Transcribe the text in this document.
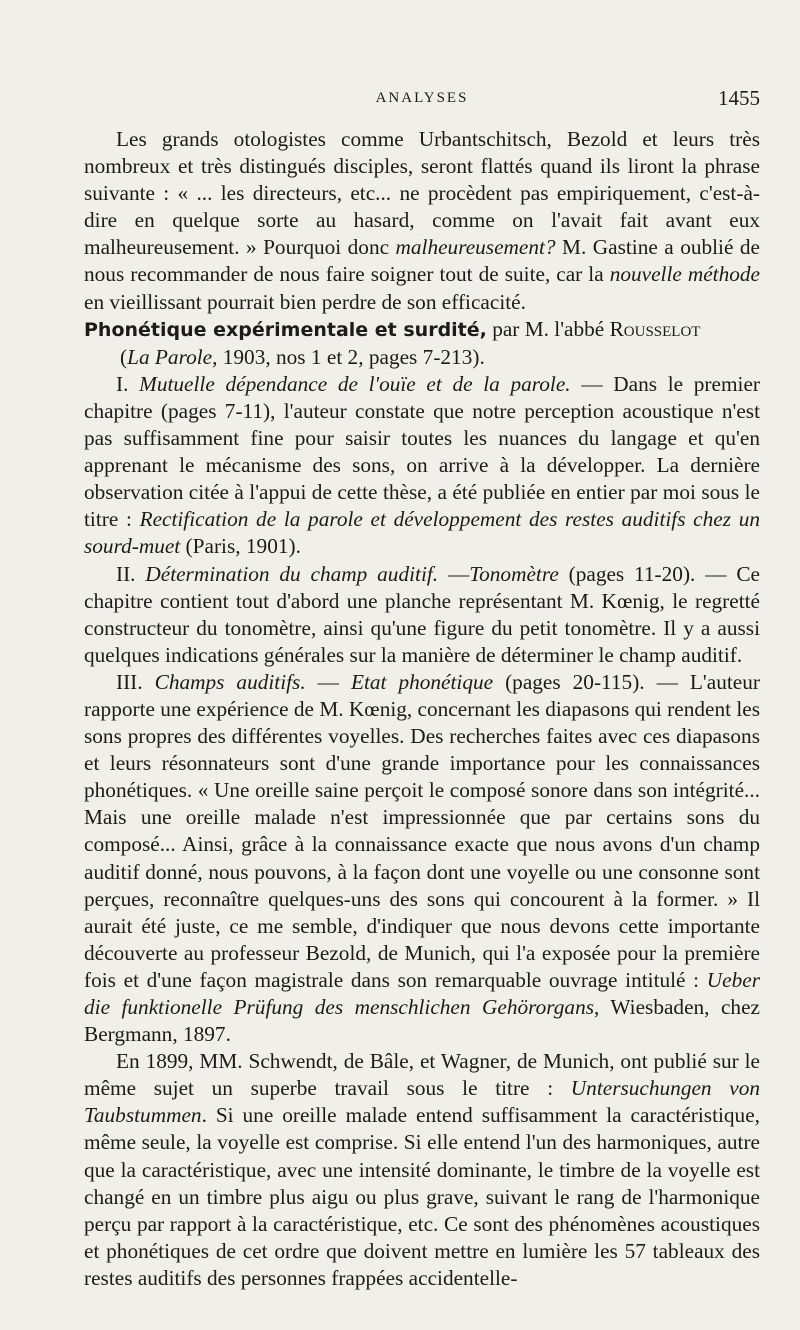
ANALYSES	1455

Les grands otologistes comme Urbantschitsch, Bezold et leurs très nombreux et très distingués disciples, seront flattés quand ils liront la phrase suivante : « ... les directeurs, etc... ne procèdent pas empiriquement, c'est-à-dire en quelque sorte au hasard, comme on l'avait fait avant eux malheureusement. » Pourquoi donc malheureusement? M. Gastine a oublié de nous recommander de nous faire soigner tout de suite, car la nouvelle méthode en vieillissant pourrait bien perdre de son efficacité.

Phonétique expérimentale et surdité, par M. l'abbé Rousselot

(La Parole, 1903, nos 1 et 2, pages 7-213).

I. Mutuelle dépendance de l'ouïe et de la parole. — Dans le premier chapitre (pages 7-11), l'auteur constate que notre perception acoustique n'est pas suffisamment fine pour saisir toutes les nuances du langage et qu'en apprenant le mécanisme des sons, on arrive à la développer. La dernière observation citée à l'appui de cette thèse, a été publiée en entier par moi sous le titre : Rectification de la parole et développement des restes auditifs chez un sourd-muet (Paris, 1901).

II. Détermination du champ auditif. —Tonomètre (pages 11-20). — Ce chapitre contient tout d'abord une planche représentant M. Kœnig, le regretté constructeur du tonomètre, ainsi qu'une figure du petit tonomètre. Il y a aussi quelques indications générales sur la manière de déterminer le champ auditif.

III. Champs auditifs. — Etat phonétique (pages 20-115). — L'auteur rapporte une expérience de M. Kœnig, concernant les diapasons qui rendent les sons propres des différentes voyelles. Des recherches faites avec ces diapasons et leurs résonnateurs sont d'une grande importance pour les connaissances phonétiques. « Une oreille saine perçoit le composé sonore dans son intégrité... Mais une oreille malade n'est impressionnée que par certains sons du composé... Ainsi, grâce à la connaissance exacte que nous avons d'un champ auditif donné, nous pouvons, à la façon dont une voyelle ou une consonne sont perçues, reconnaître quelques-uns des sons qui concourent à la former. » Il aurait été juste, ce me semble, d'indiquer que nous devons cette importante découverte au professeur Bezold, de Munich, qui l'a exposée pour la première fois et d'une façon magistrale dans son remarquable ouvrage intitulé : Ueber die funktionelle Prüfung des menschlichen Gehörorgans, Wiesbaden, chez Bergmann, 1897.

En 1899, MM. Schwendt, de Bâle, et Wagner, de Munich, ont publié sur le même sujet un superbe travail sous le titre : Untersuchungen von Taubstummen. Si une oreille malade entend suffisamment la caractéristique, même seule, la voyelle est comprise. Si elle entend l'un des harmoniques, autre que la caractéristique, avec une intensité dominante, le timbre de la voyelle est changé en un timbre plus aigu ou plus grave, suivant le rang de l'harmonique perçu par rapport à la caractéristique, etc. Ce sont des phénomènes acoustiques et phonétiques de cet ordre que doivent mettre en lumière les 57 tableaux des restes auditifs des personnes frappées accidentelle-
